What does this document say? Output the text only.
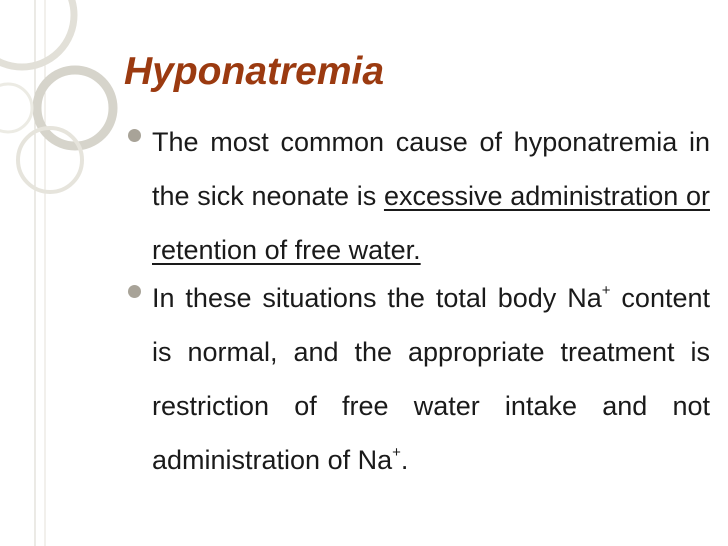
Hyponatremia
The most common cause of hyponatremia in the sick neonate is excessive administration or retention of free water.
In these situations the total body Na+ content is normal, and the appropriate treatment is restriction of free water intake and not administration of Na+.
